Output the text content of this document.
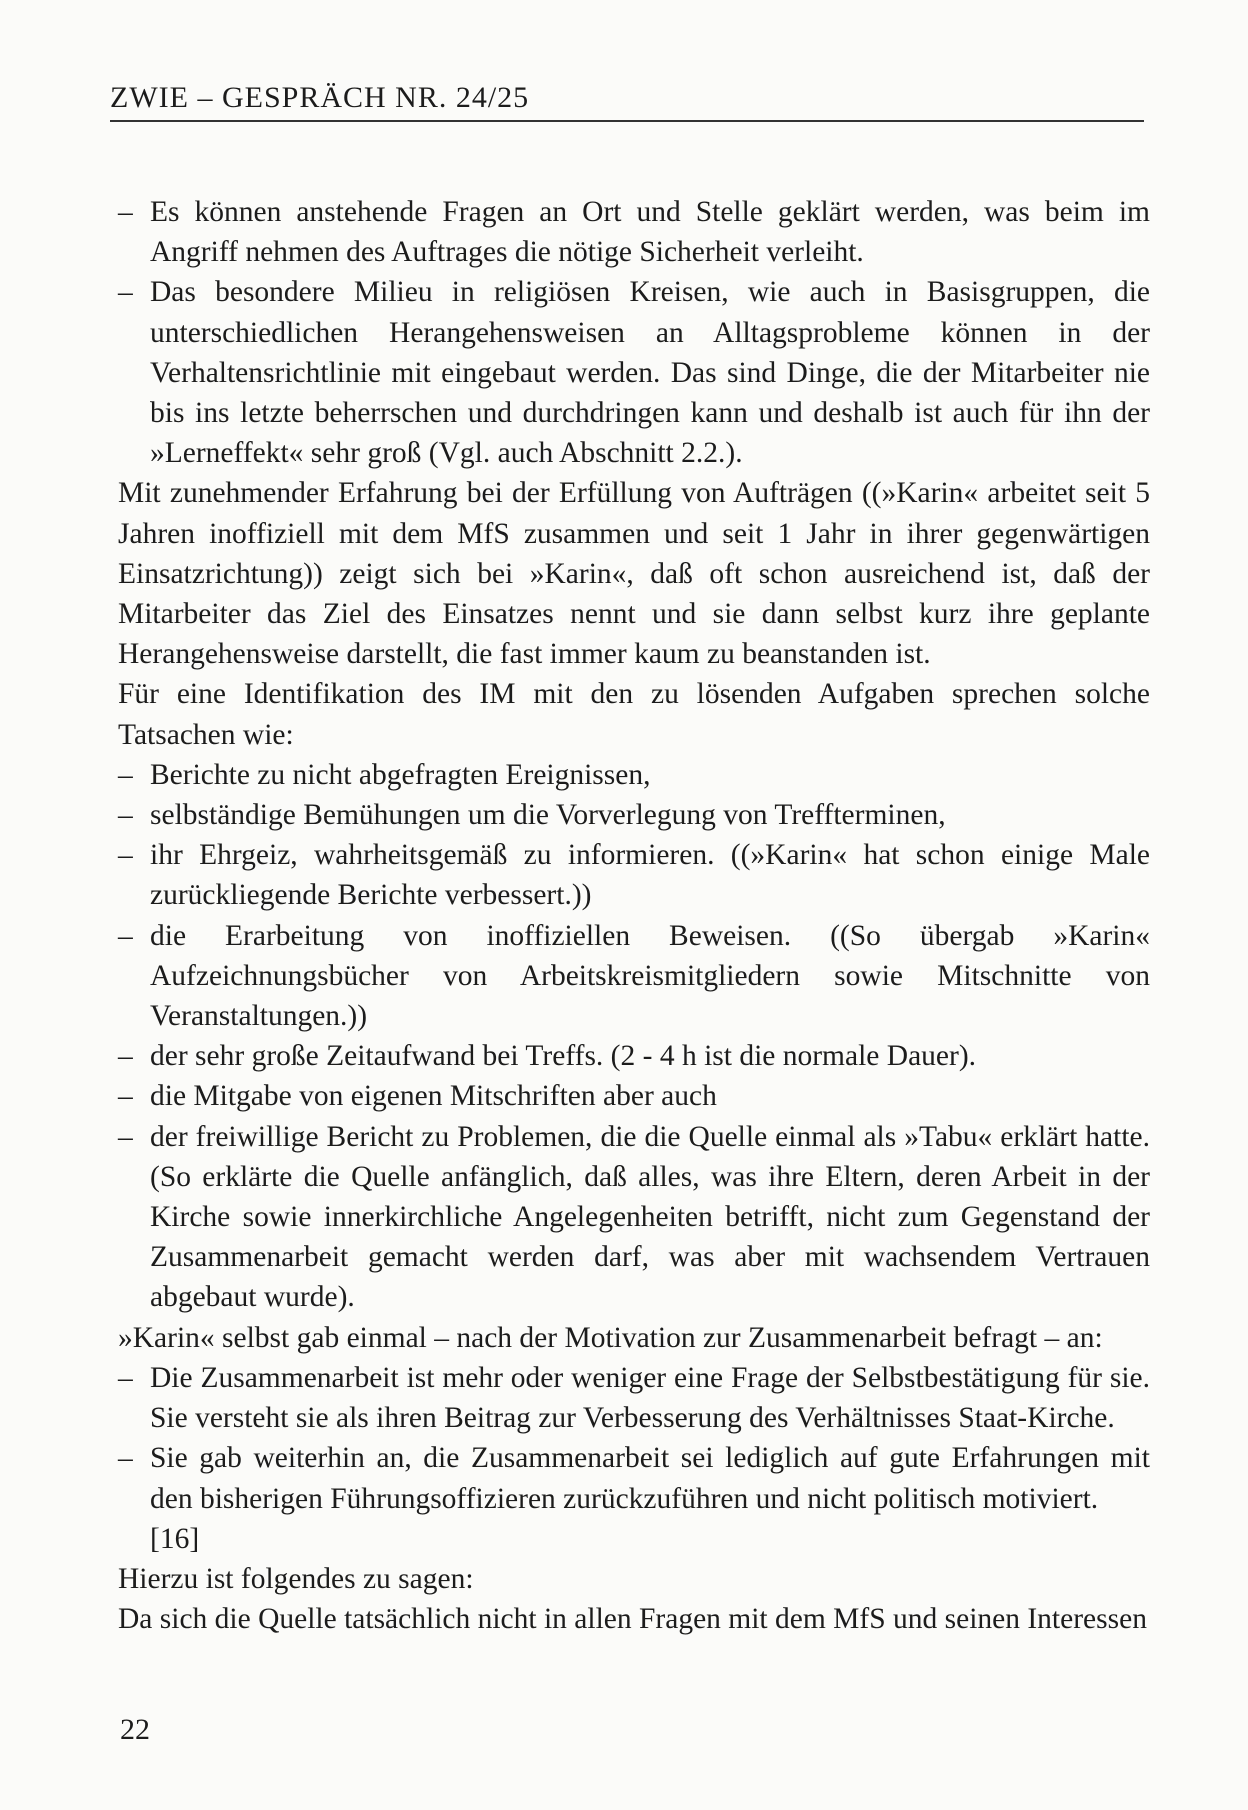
ZWIE – GESPRÄCH NR. 24/25
– Es können anstehende Fragen an Ort und Stelle geklärt werden, was beim im Angriff nehmen des Auftrages die nötige Sicherheit verleiht.
– Das besondere Milieu in religiösen Kreisen, wie auch in Basisgruppen, die unterschiedlichen Herangehensweisen an Alltagsprobleme können in der Verhaltensrichtlinie mit eingebaut werden. Das sind Dinge, die der Mitarbeiter nie bis ins letzte beherrschen und durchdringen kann und deshalb ist auch für ihn der »Lerneffekt« sehr groß (Vgl. auch Abschnitt 2.2.).
Mit zunehmender Erfahrung bei der Erfüllung von Aufträgen ((»Karin« arbeitet seit 5 Jahren inoffiziell mit dem MfS zusammen und seit 1 Jahr in ihrer gegenwärtigen Einsatzrichtung)) zeigt sich bei »Karin«, daß oft schon ausreichend ist, daß der Mitarbeiter das Ziel des Einsatzes nennt und sie dann selbst kurz ihre geplante Herangehensweise darstellt, die fast immer kaum zu beanstanden ist.
Für eine Identifikation des IM mit den zu lösenden Aufgaben sprechen solche Tatsachen wie:
– Berichte zu nicht abgefragten Ereignissen,
– selbständige Bemühungen um die Vorverlegung von Treffterminen,
– ihr Ehrgeiz, wahrheitsgemäß zu informieren. ((»Karin« hat schon einige Male zurückliegende Berichte verbessert.))
– die Erarbeitung von inoffiziellen Beweisen. ((So übergab »Karin« Aufzeichnungsbücher von Arbeitskreismitgliedern sowie Mitschnitte von Veranstaltungen.))
– der sehr große Zeitaufwand bei Treffs. (2 - 4 h ist die normale Dauer).
– die Mitgabe von eigenen Mitschriften aber auch
– der freiwillige Bericht zu Problemen, die die Quelle einmal als »Tabu« erklärt hatte. (So erklärte die Quelle anfänglich, daß alles, was ihre Eltern, deren Arbeit in der Kirche sowie innerkirchliche Angelegenheiten betrifft, nicht zum Gegenstand der Zusammenarbeit gemacht werden darf, was aber mit wachsendem Vertrauen abgebaut wurde).
»Karin« selbst gab einmal – nach der Motivation zur Zusammenarbeit befragt – an:
– Die Zusammenarbeit ist mehr oder weniger eine Frage der Selbstbestätigung für sie. Sie versteht sie als ihren Beitrag zur Verbesserung des Verhältnisses Staat-Kirche.
– Sie gab weiterhin an, die Zusammenarbeit sei lediglich auf gute Erfahrungen mit den bisherigen Führungsoffizieren zurückzuführen und nicht politisch motiviert.
[16]
Hierzu ist folgendes zu sagen:
Da sich die Quelle tatsächlich nicht in allen Fragen mit dem MfS und seinen Interessen
22
